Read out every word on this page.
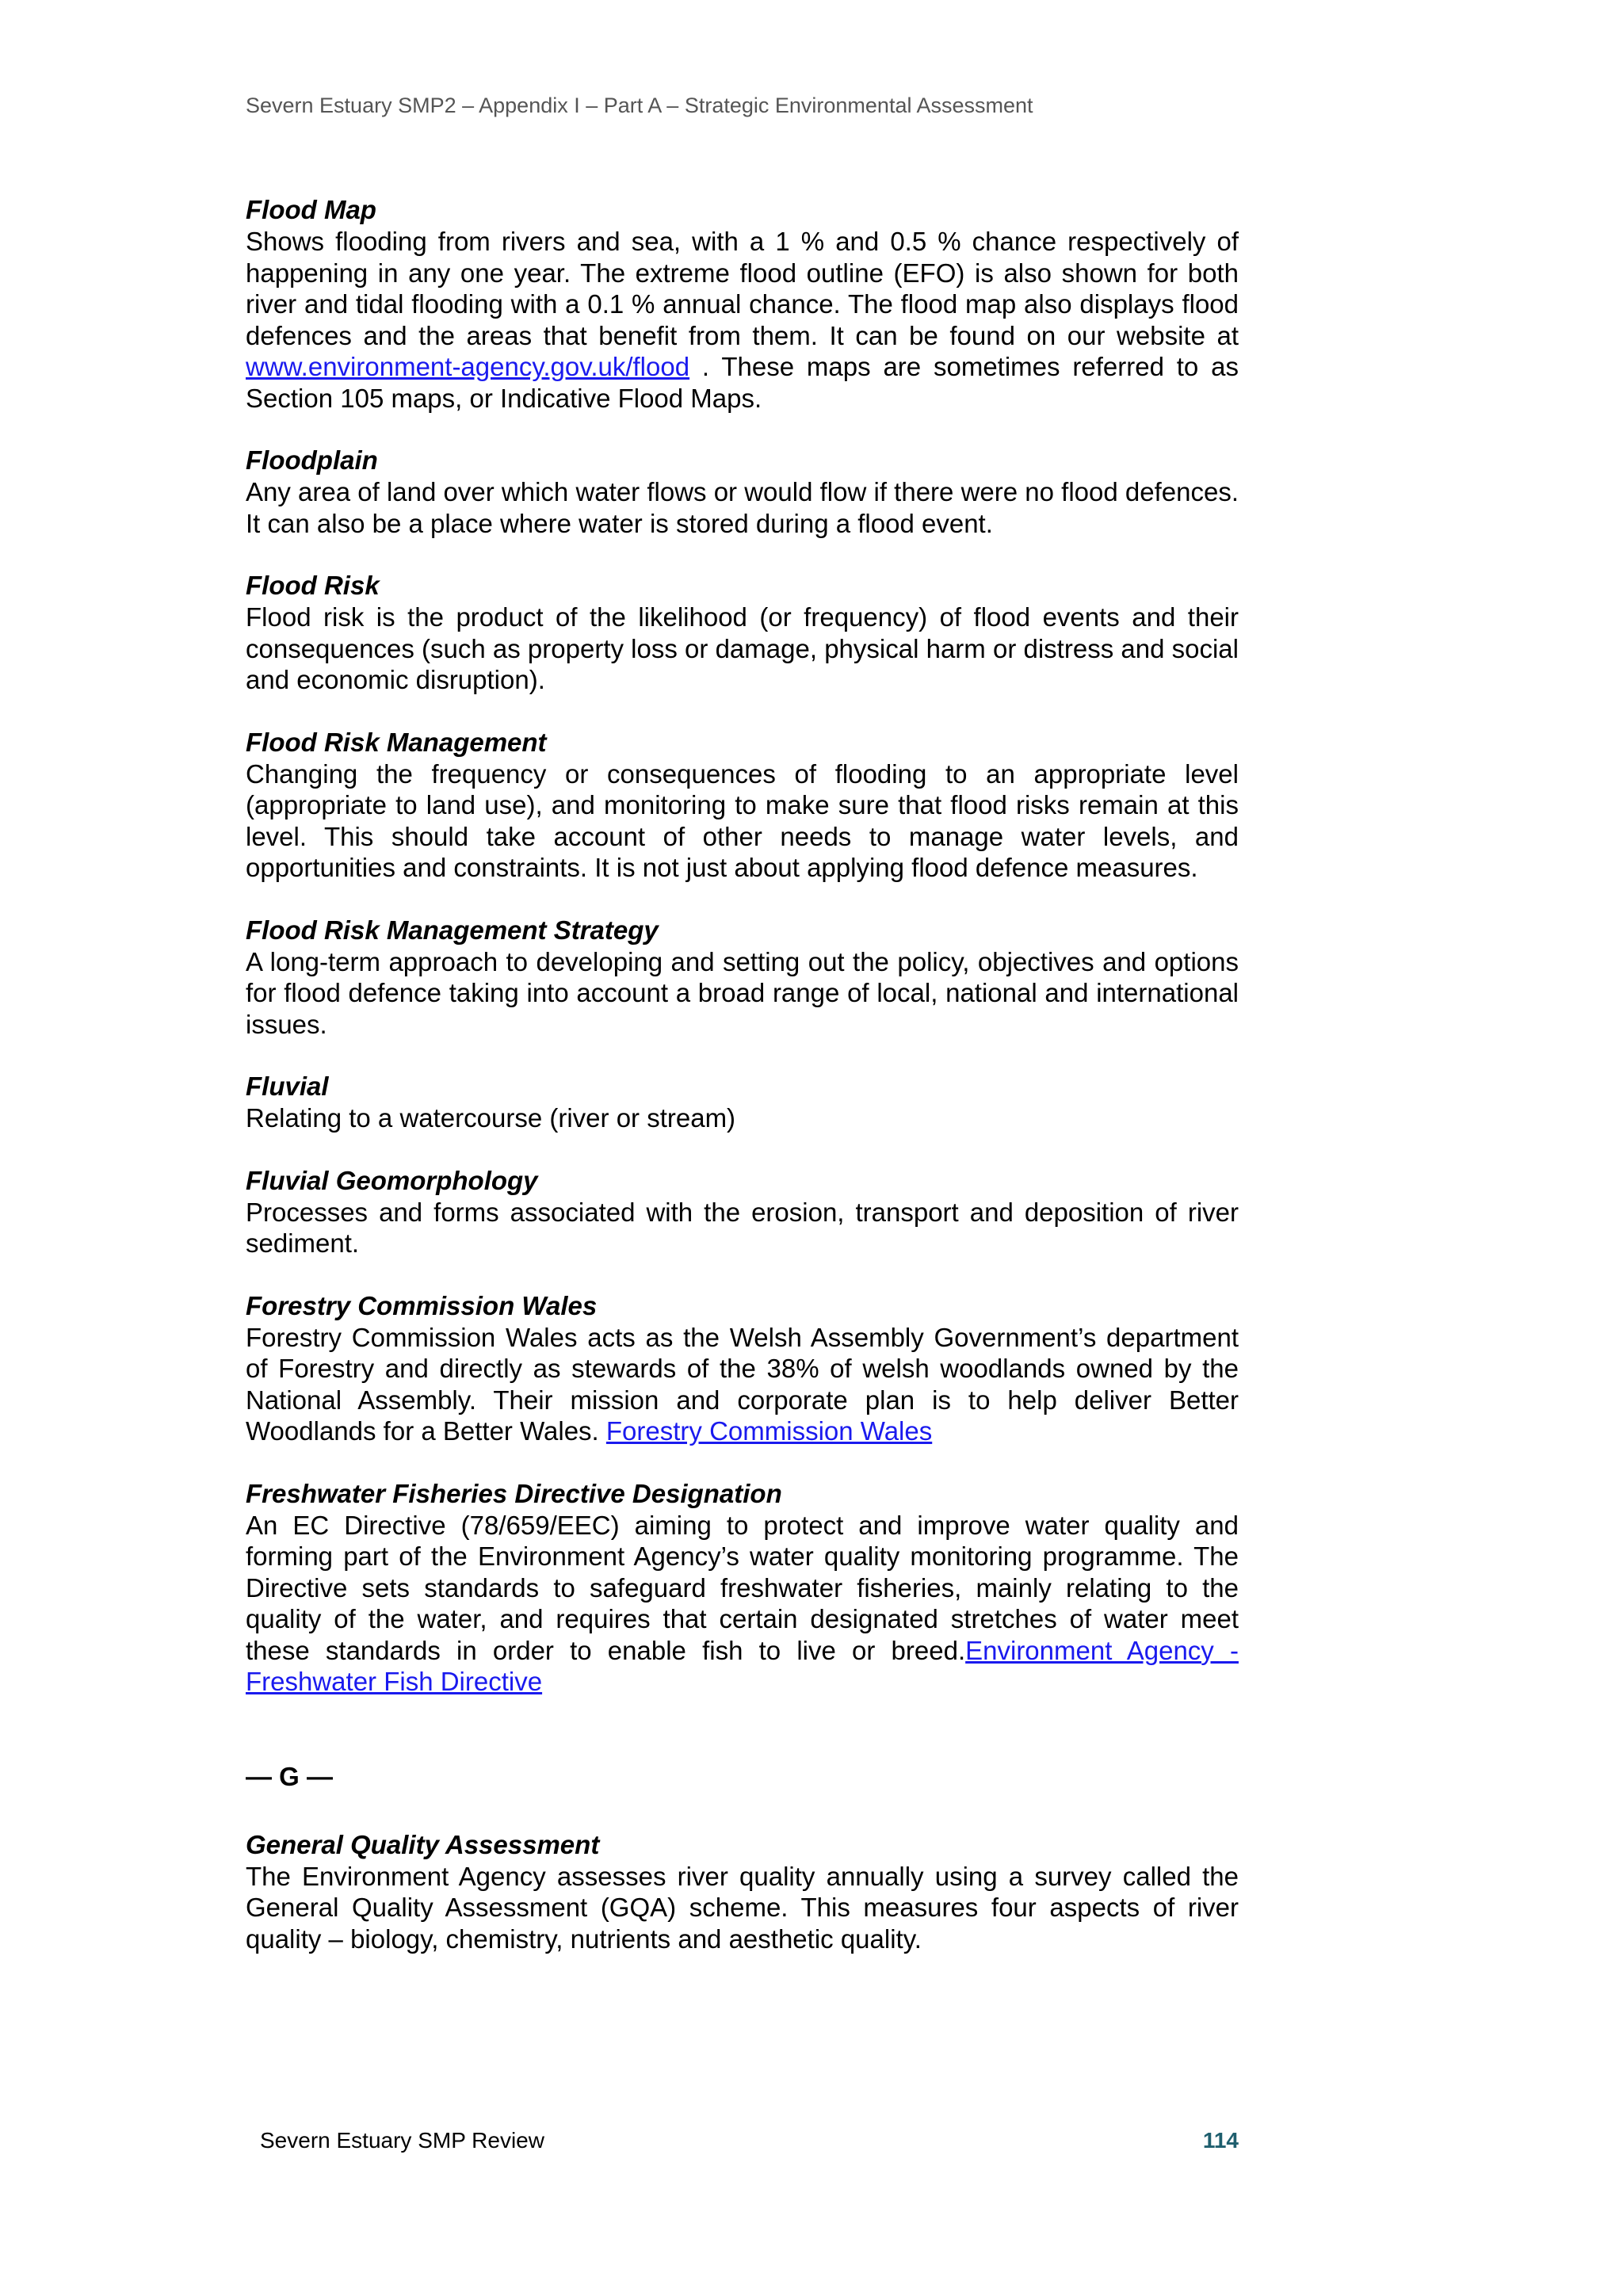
Severn Estuary SMP2 – Appendix I – Part A – Strategic Environmental Assessment

Flood Map

Shows flooding from rivers and sea, with a 1 % and 0.5 % chance respectively of happening in any one year. The extreme flood outline (EFO) is also shown for both river and tidal flooding with a 0.1 % annual chance. The flood map also displays flood defences and the areas that benefit from them. It can be found on our website at www.environment-agency.gov.uk/flood . These maps are sometimes referred to as Section 105 maps, or Indicative Flood Maps.

Floodplain

Any area of land over which water flows or would flow if there were no flood defences. It can also be a place where water is stored during a flood event.

Flood Risk

Flood risk is the product of the likelihood (or frequency) of flood events and their consequences (such as property loss or damage, physical harm or distress and social and economic disruption).

Flood Risk Management

Changing the frequency or consequences of flooding to an appropriate level (appropriate to land use), and monitoring to make sure that flood risks remain at this level. This should take account of other needs to manage water levels, and opportunities and constraints. It is not just about applying flood defence measures.

Flood Risk Management Strategy

A long-term approach to developing and setting out the policy, objectives and options for flood defence taking into account a broad range of local, national and international issues.

Fluvial

Relating to a watercourse (river or stream)

Fluvial Geomorphology

Processes and forms associated with the erosion, transport and deposition of river sediment.

Forestry Commission Wales

Forestry Commission Wales acts as the Welsh Assembly Government’s department of Forestry and directly as stewards of the 38% of welsh woodlands owned by the National Assembly. Their mission and corporate plan is to help deliver Better Woodlands for a Better Wales. Forestry Commission Wales

Freshwater Fisheries Directive Designation

An EC Directive (78/659/EEC) aiming to protect and improve water quality and forming part of the Environment Agency’s water quality monitoring programme. The Directive sets standards to safeguard freshwater fisheries, mainly relating to the quality of the water, and requires that certain designated stretches of water meet these standards in order to enable fish to live or breed.Environment Agency - Freshwater Fish Directive

— G —

General Quality Assessment

The Environment Agency assesses river quality annually using a survey called the General Quality Assessment (GQA) scheme. This measures four aspects of river quality – biology, chemistry, nutrients and aesthetic quality.

Severn Estuary SMP Review	114
